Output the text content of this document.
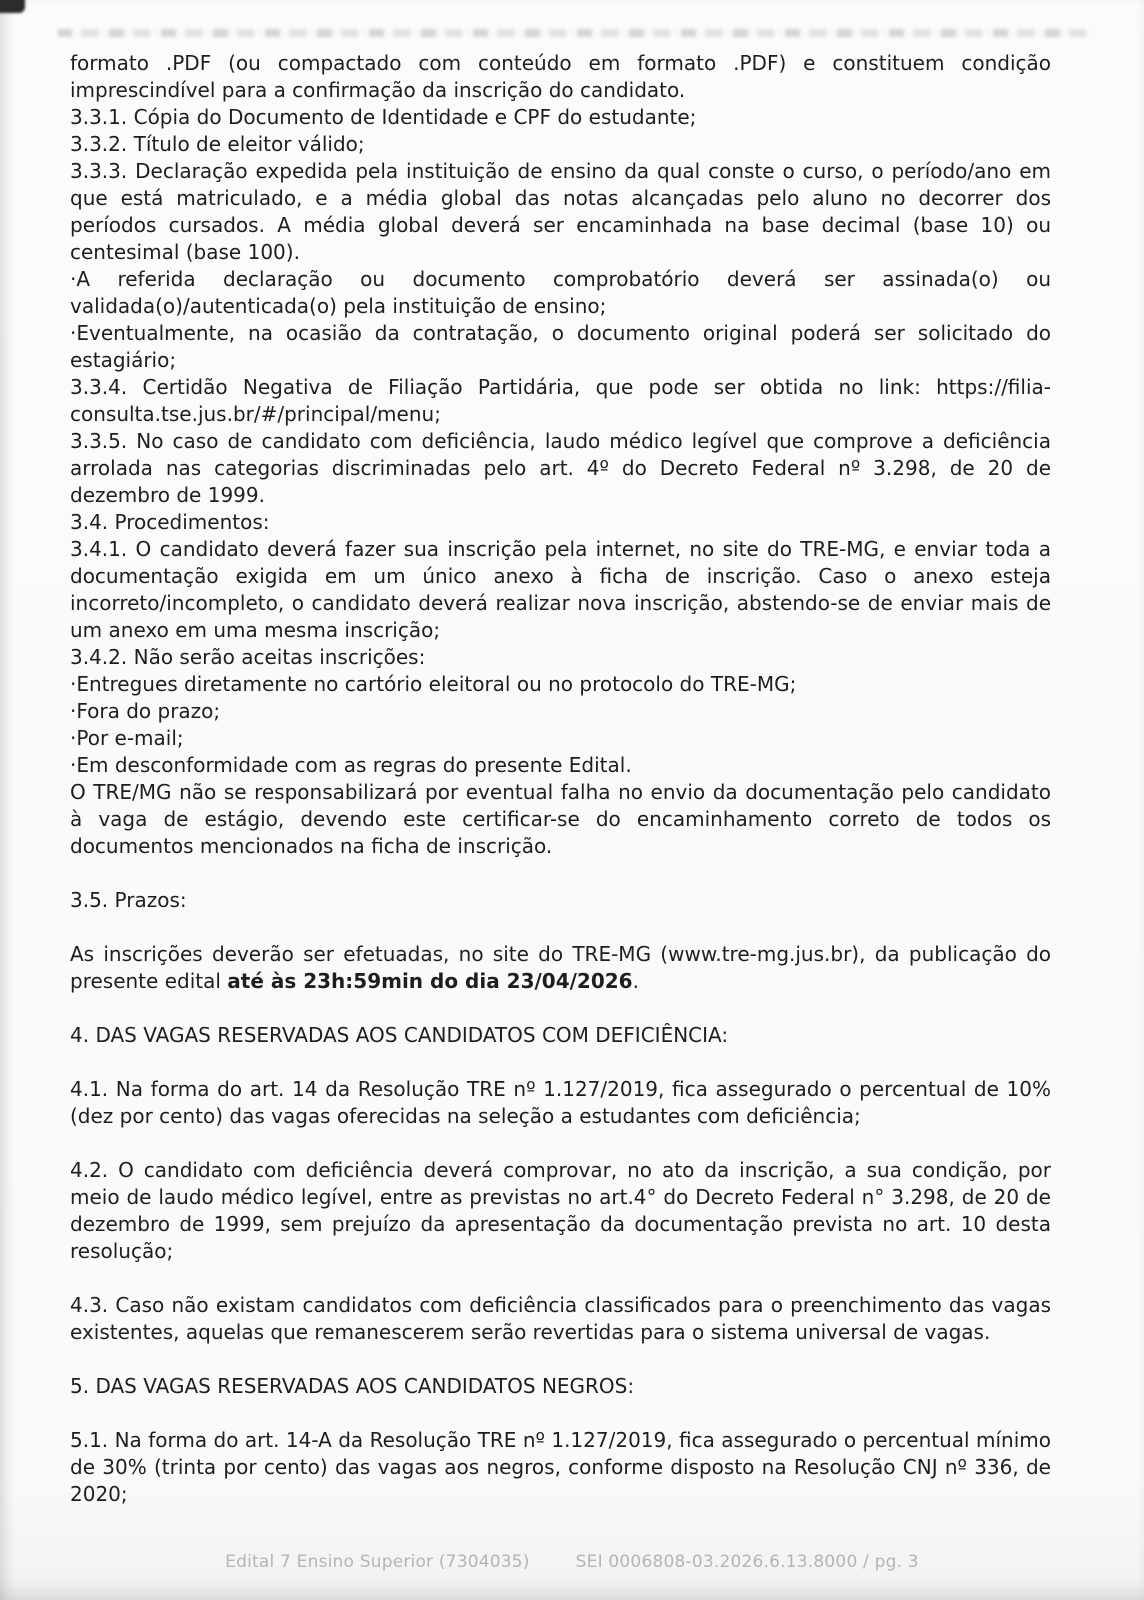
formato .PDF (ou compactado com conteúdo em formato .PDF) e constituem condição imprescindível para a confirmação da inscrição do candidato.

3.3.1. Cópia do Documento de Identidade e CPF do estudante;

3.3.2. Título de eleitor válido;

3.3.3. Declaração expedida pela instituição de ensino da qual conste o curso, o período/ano em que está matriculado, e a média global das notas alcançadas pelo aluno no decorrer dos períodos cursados. A média global deverá ser encaminhada na base decimal (base 10) ou centesimal (base 100).

·A referida declaração ou documento comprobatório deverá ser assinada(o) ou validada(o)/autenticada(o) pela instituição de ensino;

·Eventualmente, na ocasião da contratação, o documento original poderá ser solicitado do estagiário;

3.3.4. Certidão Negativa de Filiação Partidária, que pode ser obtida no link: https://filia-consulta.tse.jus.br/#/principal/menu;

3.3.5. No caso de candidato com deficiência, laudo médico legível que comprove a deficiência arrolada nas categorias discriminadas pelo art. 4º do Decreto Federal nº 3.298, de 20 de dezembro de 1999.

3.4. Procedimentos:

3.4.1. O candidato deverá fazer sua inscrição pela internet, no site do TRE-MG, e enviar toda a documentação exigida em um único anexo à ficha de inscrição. Caso o anexo esteja incorreto/incompleto, o candidato deverá realizar nova inscrição, abstendo-se de enviar mais de um anexo em uma mesma inscrição;

3.4.2. Não serão aceitas inscrições:

·Entregues diretamente no cartório eleitoral ou no protocolo do TRE-MG;

·Fora do prazo;

·Por e-mail;

·Em desconformidade com as regras do presente Edital.

O TRE/MG não se responsabilizará por eventual falha no envio da documentação pelo candidato à vaga de estágio, devendo este certificar-se do encaminhamento correto de todos os documentos mencionados na ficha de inscrição.

3.5. Prazos:

As inscrições deverão ser efetuadas, no site do TRE-MG (www.tre-mg.jus.br), da publicação do presente edital até às 23h:59min do dia 23/04/2026.

4. DAS VAGAS RESERVADAS AOS CANDIDATOS COM DEFICIÊNCIA:

4.1. Na forma do art. 14 da Resolução TRE nº 1.127/2019, fica assegurado o percentual de 10% (dez por cento) das vagas oferecidas na seleção a estudantes com deficiência;

4.2. O candidato com deficiência deverá comprovar, no ato da inscrição, a sua condição, por meio de laudo médico legível, entre as previstas no art.4° do Decreto Federal n° 3.298, de 20 de dezembro de 1999, sem prejuízo da apresentação da documentação prevista no art. 10 desta resolução;

4.3. Caso não existam candidatos com deficiência classificados para o preenchimento das vagas existentes, aquelas que remanescerem serão revertidas para o sistema universal de vagas.

5. DAS VAGAS RESERVADAS AOS CANDIDATOS NEGROS:

5.1. Na forma do art. 14-A da Resolução TRE nº 1.127/2019, fica assegurado o percentual mínimo de 30% (trinta por cento) das vagas aos negros, conforme disposto na Resolução CNJ nº 336, de 2020;

Edital 7 Ensino Superior (7304035)	SEI 0006808-03.2026.6.13.8000 / pg. 3
